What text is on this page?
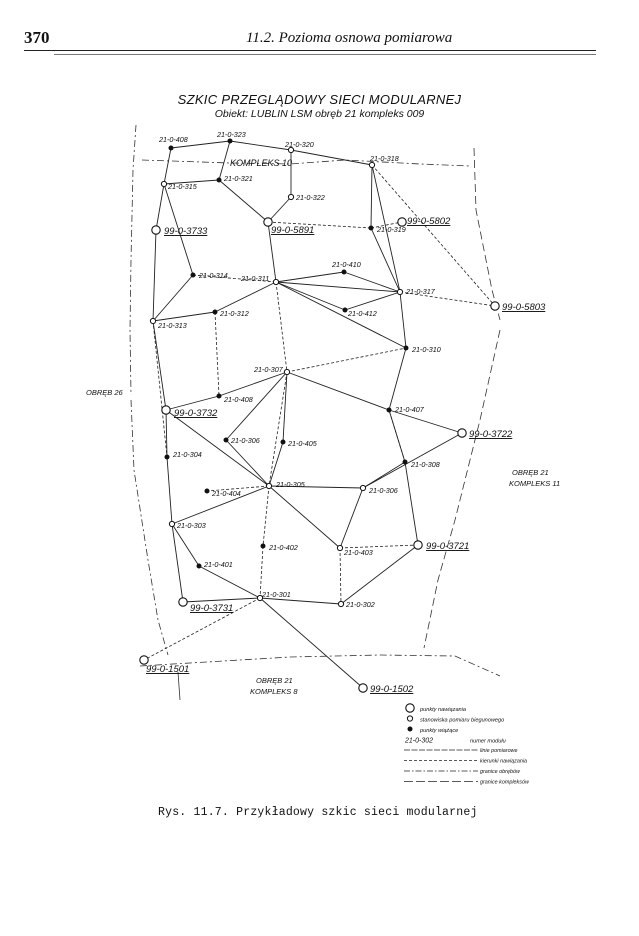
370	11.2. Pozioma osnowa pomiarowa
SZKIC PRZEGLĄDOWY SIECI MODULARNEJ
Obiekt: LUBLIN LSM obręb 21 kompleks 009
21-0-408
21-0-323
21-0-320
21-0-318
21-0-321
21-0-315
21-0-322
99-0-3733	99-0-5891
99-0-5802
21-0-319
21-0-410
21-0-314 21-0-311
21-0-317
99-0-5803
21-0-312	21-0-412
21-0-313
21-0-310
21-0-307
21-0-408
99-0-3732	21-0-407
99-0-3722
21-0-306	21-0-405
21-0-304
21-0-308
21-0-305
21-0-306
21-0-404
21-0-303
21-0-402
21-0-403
99-0-3721
21-0-401
99-0-3731
21-0-301
21-0-302
99-0-1501
99-0-1502
OBRĘB 26
KOMPLEKS 10
OBRĘB 21
KOMPLEKS 11
OBRĘB 21
KOMPLEKS 8
punkty nawiązania
stanowiska pomiaru biegunowego
punkty wiążące
21-0-302	numer modułu
linie pomiarowe
kierunki nawiązania
granice obrębów
granice kompleksów
Rys. 11.7. Przykładowy szkic sieci modularnej
